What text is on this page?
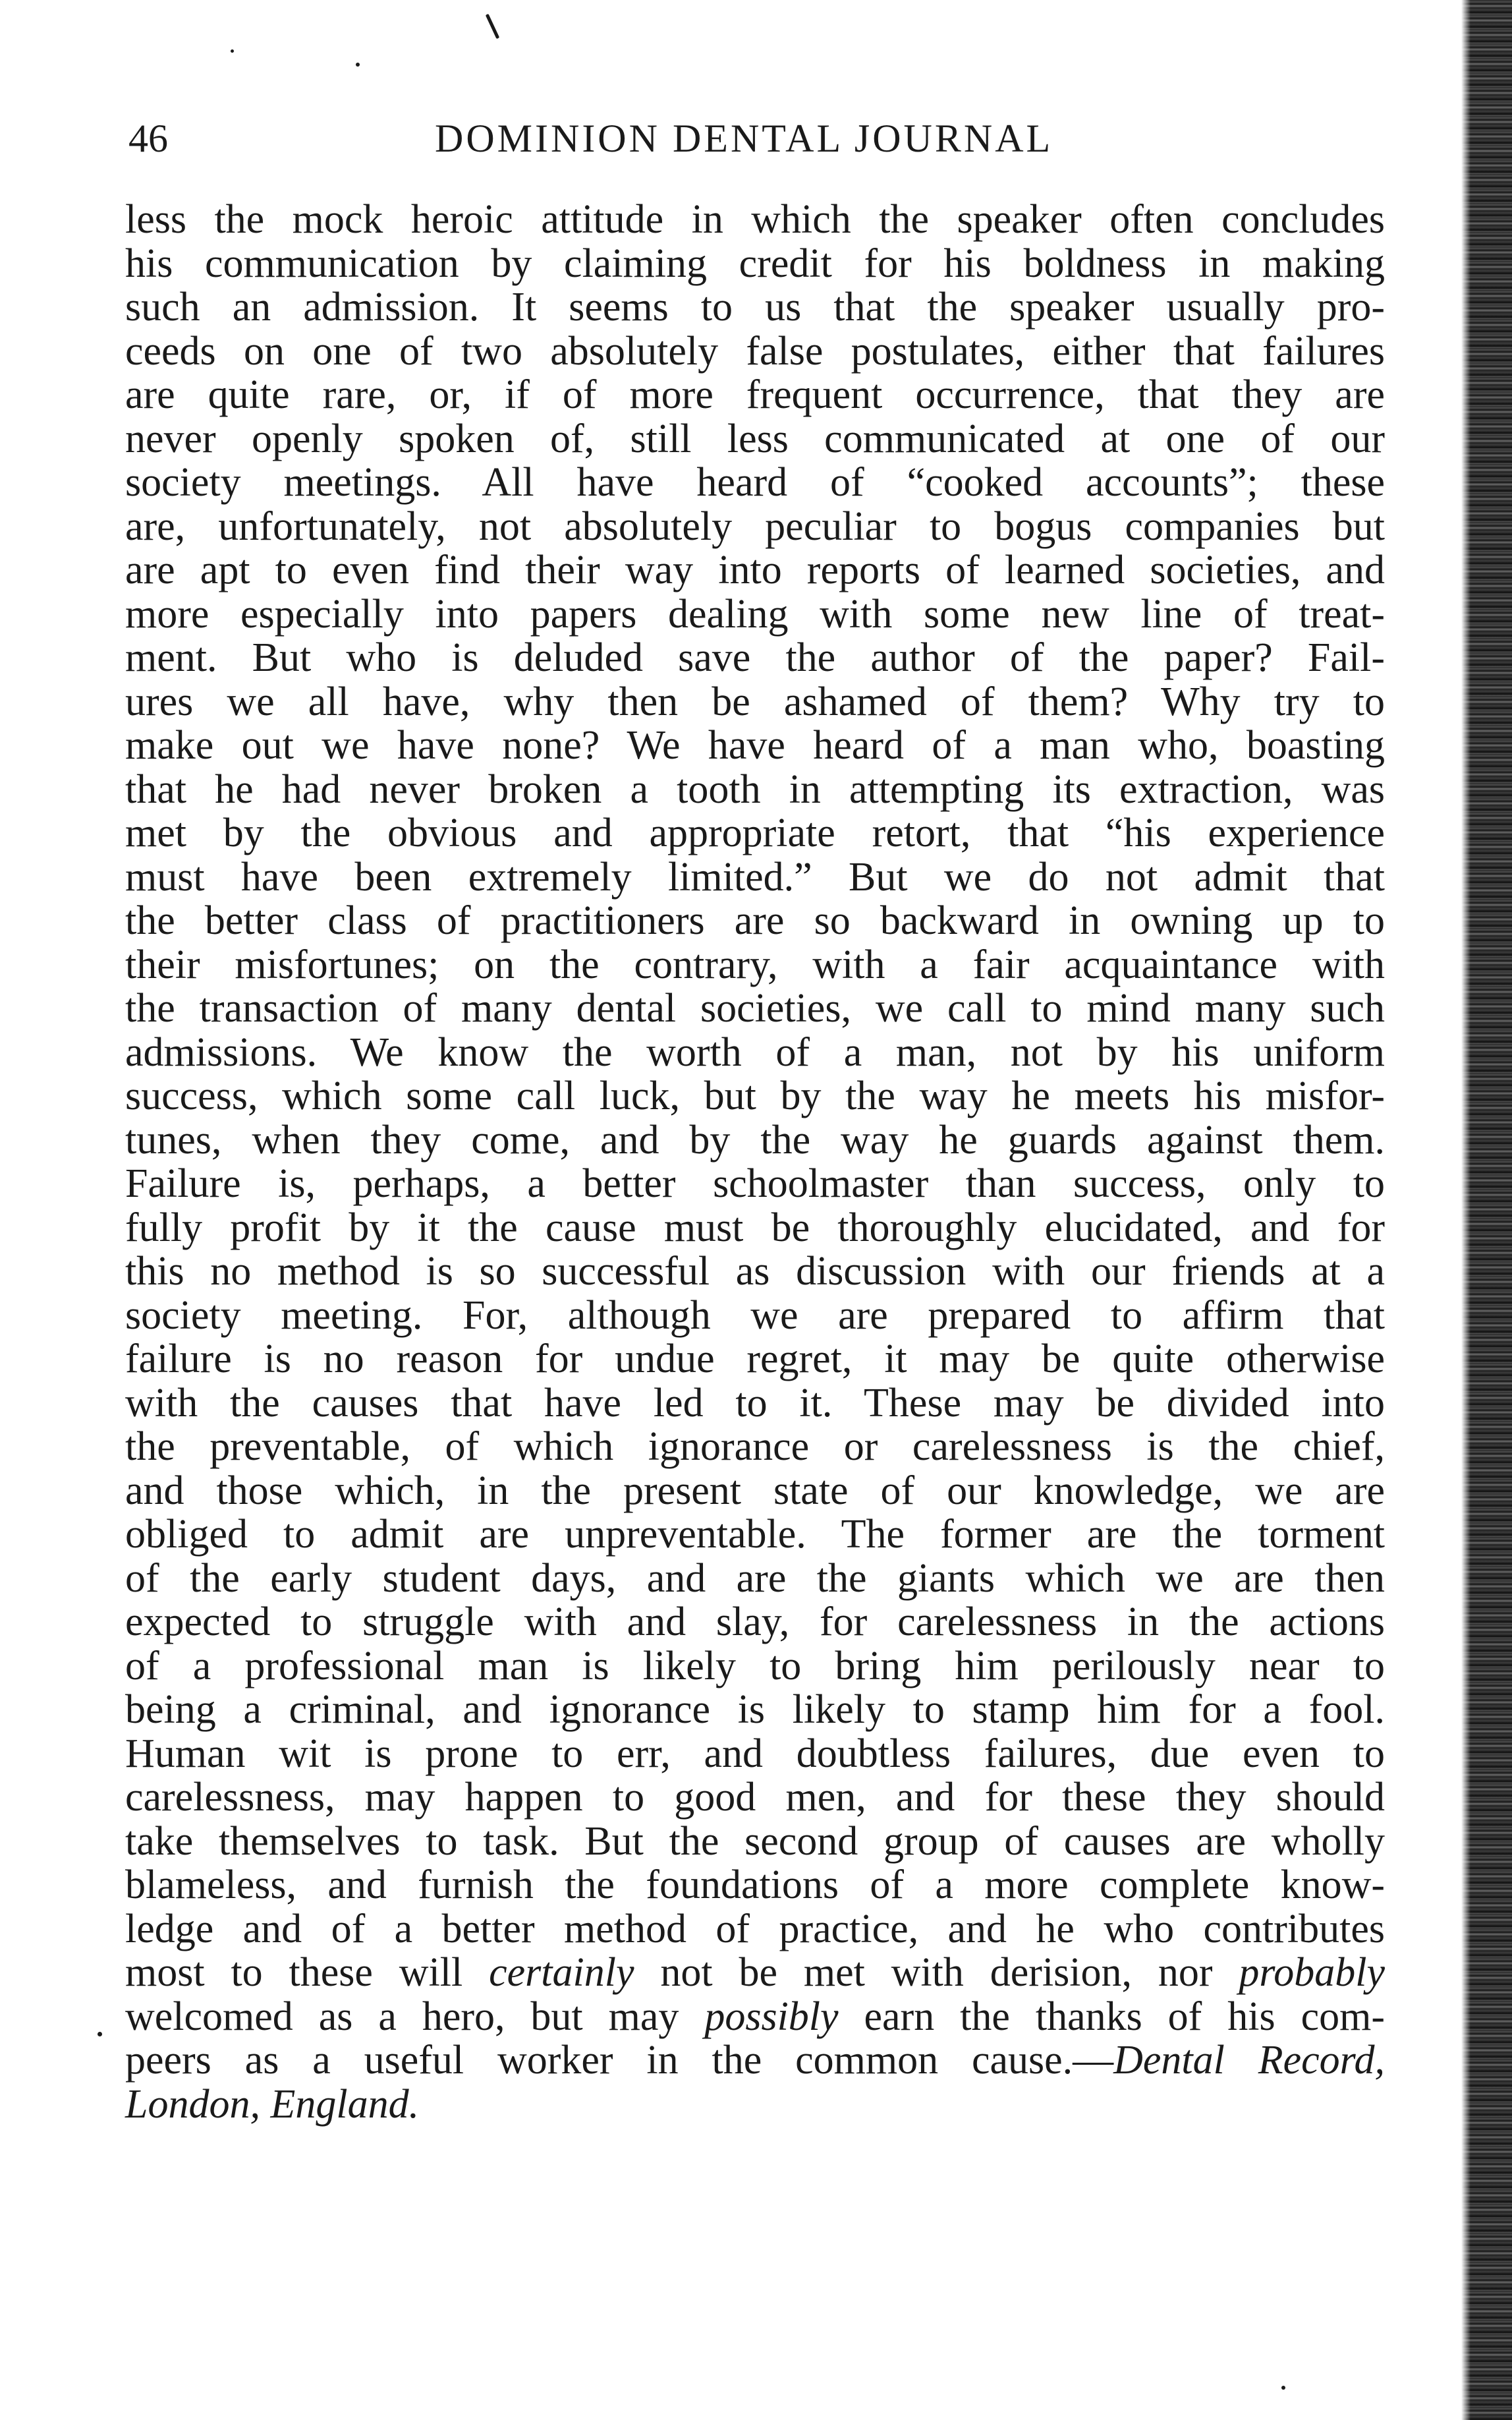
46	DOMINION DENTAL JOURNAL
less the mock heroic attitude in which the speaker often concludes
his communication by claiming credit for his boldness in making
such an admission. It seems to us that the speaker usually pro-
ceeds on one of two absolutely false postulates, either that failures
are quite rare, or, if of more frequent occurrence, that they are
never openly spoken of, still less communicated at one of our
society meetings. All have heard of “cooked accounts”; these
are, unfortunately, not absolutely peculiar to bogus companies but
are apt to even find their way into reports of learned societies, and
more especially into papers dealing with some new line of treat-
ment. But who is deluded save the author of the paper? Fail-
ures we all have, why then be ashamed of them? Why try to
make out we have none? We have heard of a man who, boasting
that he had never broken a tooth in attempting its extraction, was
met by the obvious and appropriate retort, that “his experience
must have been extremely limited.” But we do not admit that
the better class of practitioners are so backward in owning up to
their misfortunes; on the contrary, with a fair acquaintance with
the transaction of many dental societies, we call to mind many such
admissions. We know the worth of a man, not by his uniform
success, which some call luck, but by the way he meets his misfor-
tunes, when they come, and by the way he guards against them.
Failure is, perhaps, a better schoolmaster than success, only to
fully profit by it the cause must be thoroughly elucidated, and for
this no method is so successful as discussion with our friends at a
society meeting. For, although we are prepared to affirm that
failure is no reason for undue regret, it may be quite otherwise
with the causes that have led to it. These may be divided into
the preventable, of which ignorance or carelessness is the chief,
and those which, in the present state of our knowledge, we are
obliged to admit are unpreventable. The former are the torment
of the early student days, and are the giants which we are then
expected to struggle with and slay, for carelessness in the actions
of a professional man is likely to bring him perilously near to
being a criminal, and ignorance is likely to stamp him for a fool.
Human wit is prone to err, and doubtless failures, due even to
carelessness, may happen to good men, and for these they should
take themselves to task. But the second group of causes are wholly
blameless, and furnish the foundations of a more complete know-
ledge and of a better method of practice, and he who contributes
most to these will certainly not be met with derision, nor probably
welcomed as a hero, but may possibly earn the thanks of his com-
peers as a useful worker in the common cause.—Dental Record,
London, England.
